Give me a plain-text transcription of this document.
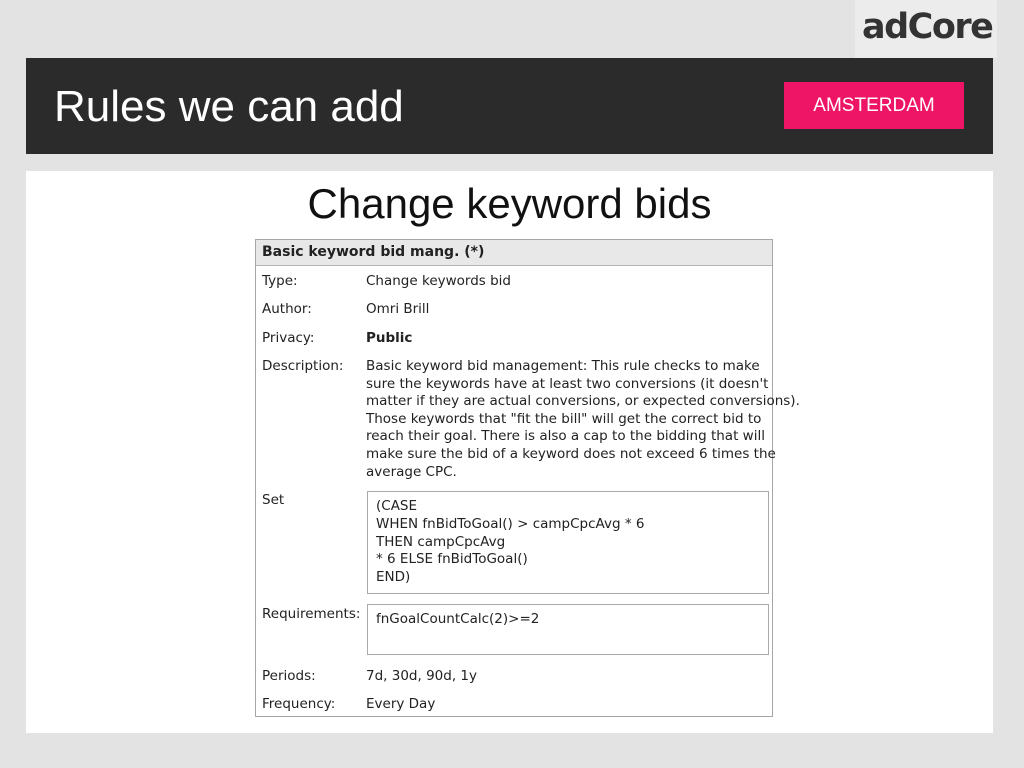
adCore
Rules we can add	AMSTERDAM
Change keyword bids
Basic keyword bid mang. (*)
Type:	Change keywords bid
Author:	Omri Brill
Privacy:	Public
Description: Basic keyword bid management: This rule checks to make
sure the keywords have at least two conversions (it doesn't
matter if they are actual conversions, or expected conversions).
Those keywords that "fit the bill" will get the correct bid to
reach their goal. There is also a cap to the bidding that will
make sure the bid of a keyword does not exceed 6 times the
average CPC.
Set	(CASE
WHEN fnBidToGoal() > campCpcAvg * 6
THEN campCpcAvg
* 6 ELSE fnBidToGoal()
END)
Requirements:	fnGoalCountCalc(2)>=2
Periods:	7d, 30d, 90d, 1y
Frequency: Every Day
